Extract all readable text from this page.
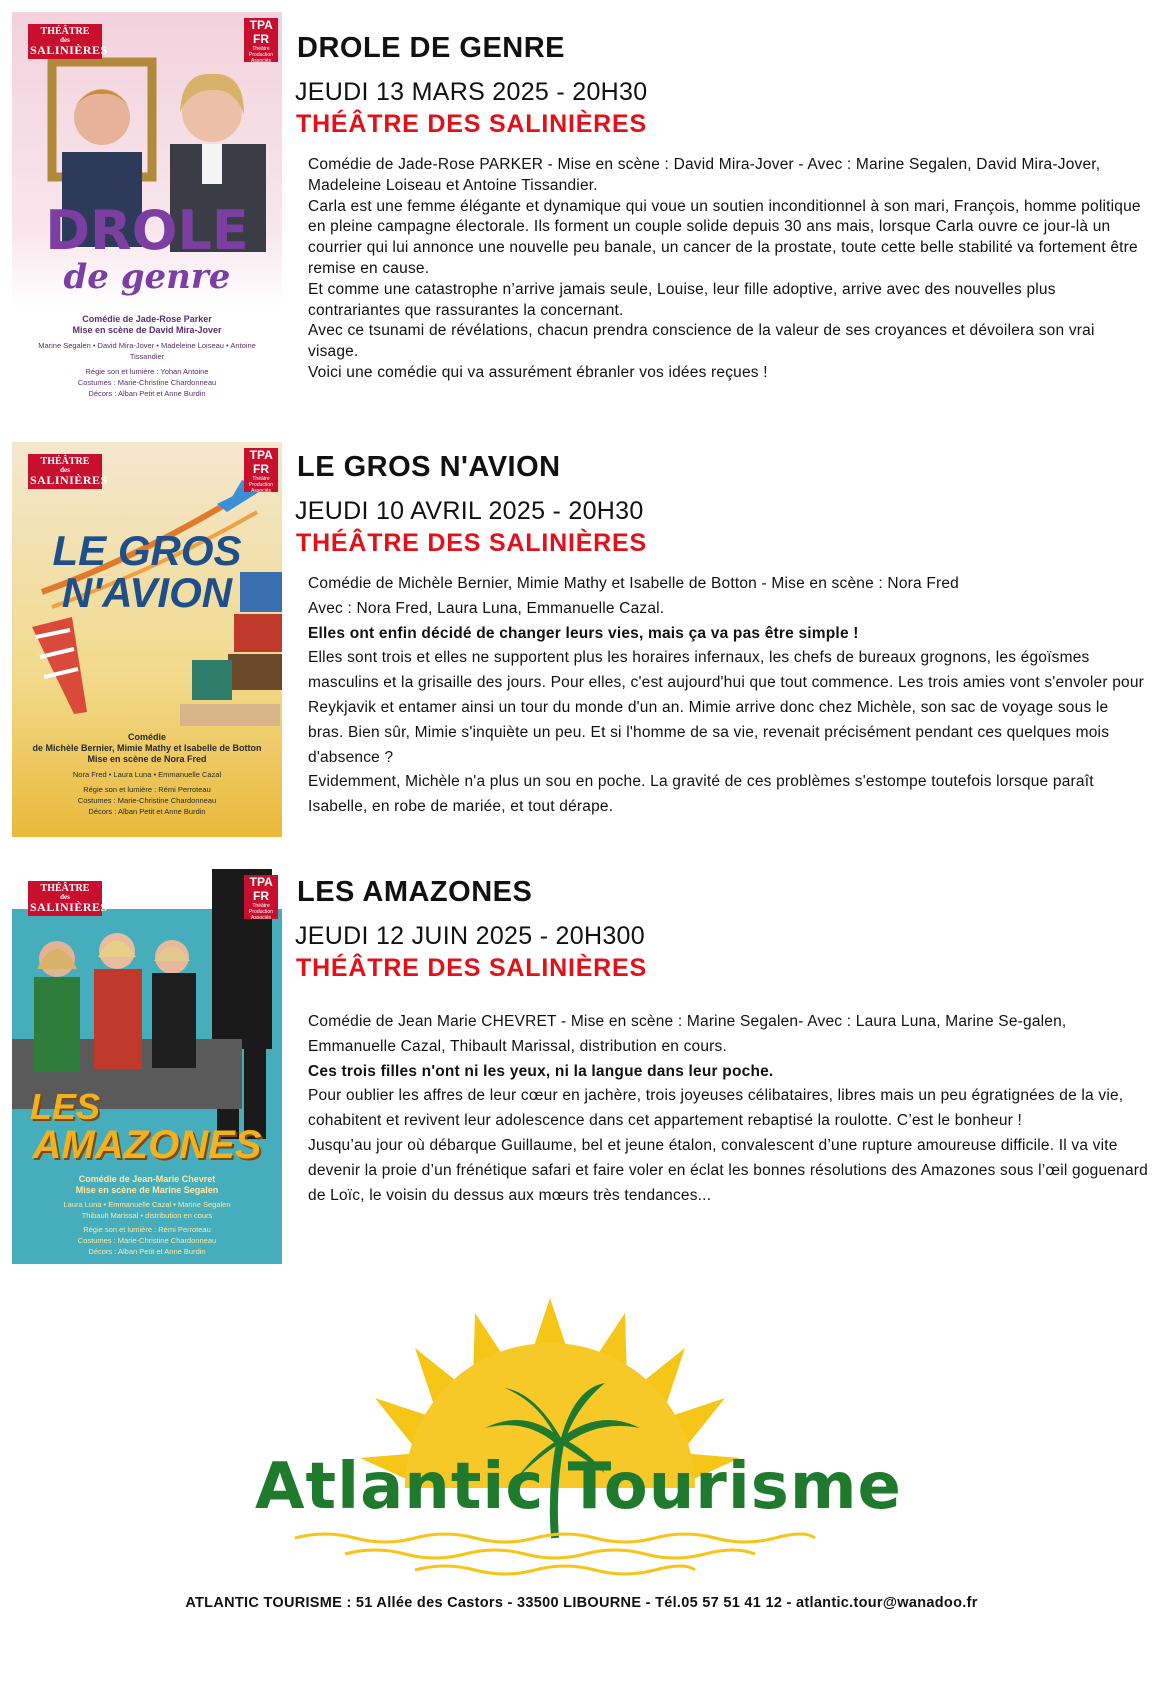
THÉÂTRE
des
SALINIÈRES
TPA FR
Théâtre Production Associés
DROLE
de genre
Comédie de Jade-Rose Parker
Mise en scène de David Mira-Jover
Marine Segalen • David Mira-Jover • Madeleine Loiseau • Antoine Tissandier
Régie son et lumière : Yohan Antoine
Costumes : Marie-Christine Chardonneau
Décors : Alban Petit et Anne Burdin
DROLE DE GENRE
JEUDI 13 MARS 2025 - 20H30
THÉÂTRE DES SALINIÈRES

Comédie de Jade-Rose PARKER - Mise en scène : David Mira-Jover - Avec : Marine Segalen, David Mira-Jover, Madeleine Loiseau et Antoine Tissandier.

Carla est une femme élégante et dynamique qui voue un soutien inconditionnel à son mari, François, homme politique en pleine campagne électorale. Ils forment un couple solide depuis 30 ans mais, lorsque Carla ouvre ce jour-là un courrier qui lui annonce une nouvelle peu banale, un cancer de la prostate, toute cette belle stabilité va fortement être remise en cause.

Et comme une catastrophe n’arrive jamais seule, Louise, leur fille adoptive, arrive avec des nouvelles plus contrariantes que rassurantes la concernant.

Avec ce tsunami de révélations, chacun prendra conscience de la valeur de ses croyances et dévoilera son vrai visage.

Voici une comédie qui va assurément ébranler vos idées reçues !

THÉÂTRE
des
SALINIÈRES
TPA FR
Théâtre Production Associés
LE GROS
N'AVION
Comédie
de Michèle Bernier, Mimie Mathy et Isabelle de Botton
Mise en scène de Nora Fred
Nora Fred • Laura Luna • Emmanuelle Cazal
Régie son et lumière : Rémi Perroteau
Costumes : Marie-Christine Chardonneau
Décors : Alban Petit et Anne Burdin
LE GROS N'AVION
JEUDI 10 AVRIL 2025 - 20H30
THÉÂTRE DES SALINIÈRES

Comédie de Michèle Bernier, Mimie Mathy et Isabelle de Botton - Mise en scène : Nora Fred

Avec : Nora Fred, Laura Luna, Emmanuelle Cazal.

Elles ont enfin décidé de changer leurs vies, mais ça va pas être simple !

Elles sont trois et elles ne supportent plus les horaires infernaux, les chefs de bureaux grognons, les égoïsmes masculins et la grisaille des jours. Pour elles, c'est aujourd'hui que tout commence. Les trois amies vont s'envoler pour Reykjavik et entamer ainsi un tour du monde d'un an. Mimie arrive donc chez Michèle, son sac de voyage sous le bras. Bien sûr, Mimie s'inquiète un peu. Et si l'homme de sa vie, revenait précisément pendant ces quelques mois d'absence ?

Evidemment, Michèle n'a plus un sou en poche. La gravité de ces problèmes s'estompe toutefois lorsque paraît Isabelle, en robe de mariée, et tout dérape.

THÉÂTRE
des
SALINIÈRES
TPA FR
Théâtre Production Associés
LES
AMAZONES
Comédie de Jean-Marie Chevret
Mise en scène de Marine Segalen
Laura Luna • Emmanuelle Cazal • Marine Segalen
Thibault Marissal • distribution en cours
Régie son et lumière : Rémi Perroteau
Costumes : Marie-Christine Chardonneau
Décors : Alban Petit et Anne Burdin
LES AMAZONES
JEUDI 12 JUIN 2025 - 20H300
THÉÂTRE DES SALINIÈRES

Comédie de Jean Marie CHEVRET - Mise en scène : Marine Segalen- Avec : Laura Luna, Marine Se-galen, Emmanuelle Cazal, Thibault Marissal, distribution en cours.

Ces trois filles n'ont ni les yeux, ni la langue dans leur poche.

Pour oublier les affres de leur cœur en jachère, trois joyeuses célibataires, libres mais un peu égratignées de la vie, cohabitent et revivent leur adolescence dans cet appartement rebaptisé la roulotte. C’est le bonheur !

Jusqu’au jour où débarque Guillaume, bel et jeune étalon, convalescent d’une rupture amoureuse difficile. Il va vite devenir la proie d’un frénétique safari et faire voler en éclat les bonnes résolutions des Amazones sous l’œil goguenard de Loïc, le voisin du dessus aux mœurs très tendances...

Atlantic Tourisme
ATLANTIC TOURISME : 51 Allée des Castors - 33500 LIBOURNE - Tél.05 57 51 41 12 - atlantic.tour@wanadoo.fr
